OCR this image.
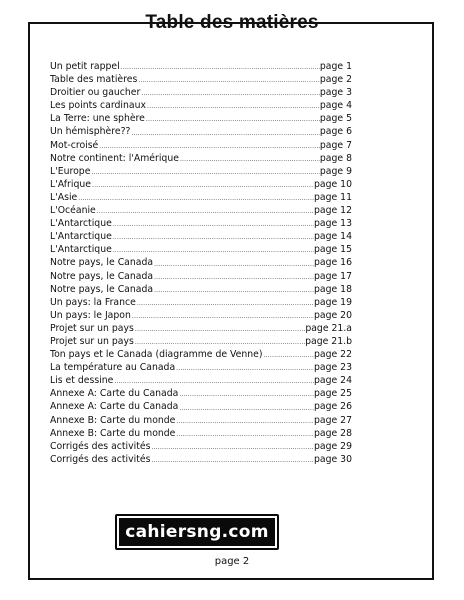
Table des matières
Un petit rappel .....	page 1
Table des matières .....	page 2
Droitier ou gaucher .....	page 3
Les points cardinaux .....	page 4
La Terre: une sphère .....	page 5
Un hémisphère?? .....	page 6
Mot-croisé .....	page 7
Notre continent: l'Amérique .....	page 8
L'Europe .....	page 9
L'Afrique .....	page 10
L'Asie .....	page 11
L'Océanie .....	page 12
L'Antarctique .....	page 13
L'Antarctique .....	page 14
L'Antarctique .....	page 15
Notre pays, le Canada .....	page 16
Notre pays, le Canada .....	page 17
Notre pays, le Canada .....	page 18
Un pays: la France .....	page 19
Un pays: le Japon .....	page 20
Projet sur un pays .....	page 21.a
Projet sur un pays .....	page 21.b
Ton pays et le Canada (diagramme de Venne) .....	page 22
La température au Canada .....	page 23
Lis et dessine .....	page 24
Annexe A: Carte du Canada .....	page 25
Annexe A: Carte du Canada .....	page 26
Annexe B: Carte du monde .....	page 27
Annexe B: Carte du monde .....	page 28
Corrigés des activités .....	page 29
Corrigés des activités .....	page 30
cahiersng.com
page 2
